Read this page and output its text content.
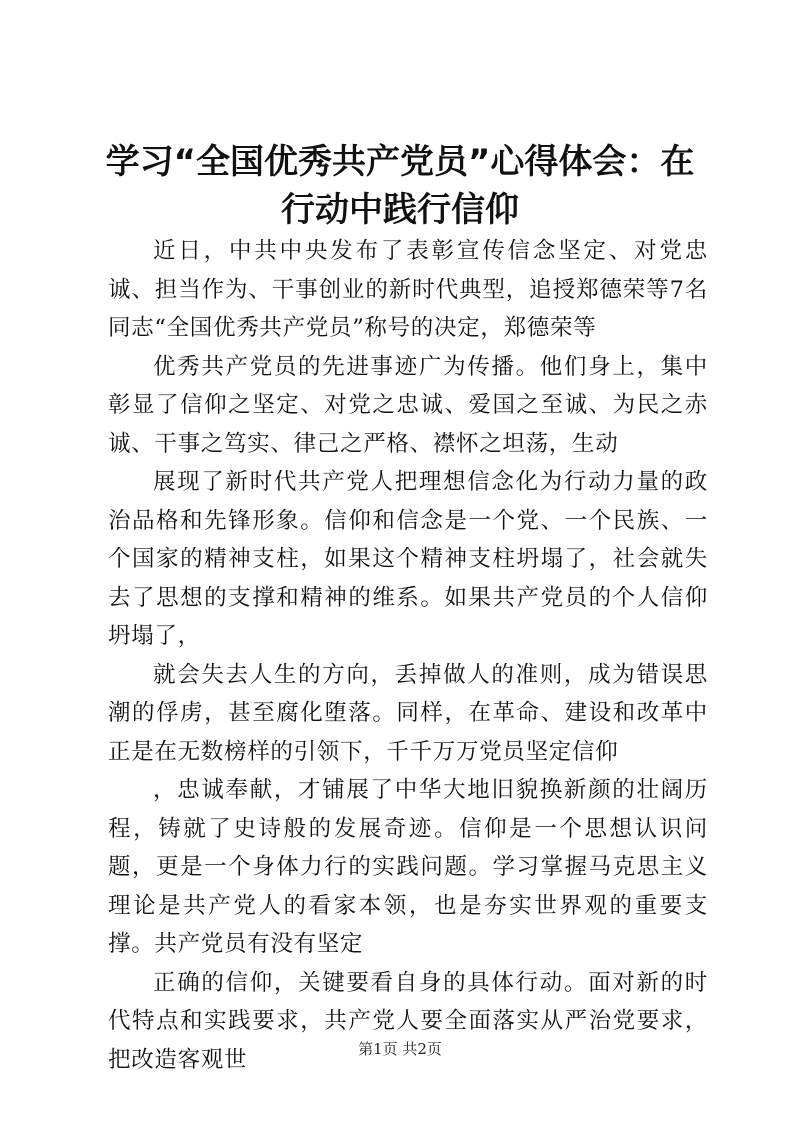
学习“全国优秀共产党员”心得体会：在行动中践行信仰

近日，中共中央发布了表彰宣传信念坚定、对党忠诚、担当作为、干事创业的新时代典型，追授郑德荣等7名同志“全国优秀共产党员”称号的决定，郑德荣等

优秀共产党员的先进事迹广为传播。他们身上，集中彰显了信仰之坚定、对党之忠诚、爱国之至诚、为民之赤诚、干事之笃实、律己之严格、襟怀之坦荡，生动

展现了新时代共产党人把理想信念化为行动力量的政治品格和先锋形象。信仰和信念是一个党、一个民族、一个国家的精神支柱，如果这个精神支柱坍塌了，社会就失去了思想的支撑和精神的维系。如果共产党员的个人信仰坍塌了，

就会失去人生的方向，丢掉做人的准则，成为错误思潮的俘虏，甚至腐化堕落。同样，在革命、建设和改革中正是在无数榜样的引领下，千千万万党员坚定信仰

，忠诚奉献，才铺展了中华大地旧貌换新颜的壮阔历程，铸就了史诗般的发展奇迹。信仰是一个思想认识问题，更是一个身体力行的实践问题。学习掌握马克思主义理论是共产党人的看家本领，也是夯实世界观的重要支撑。共产党员有没有坚定

正确的信仰，关键要看自身的具体行动。面对新的时代特点和实践要求，共产党人要全面落实从严治党要求，把改造客观世	第1页 共2页
